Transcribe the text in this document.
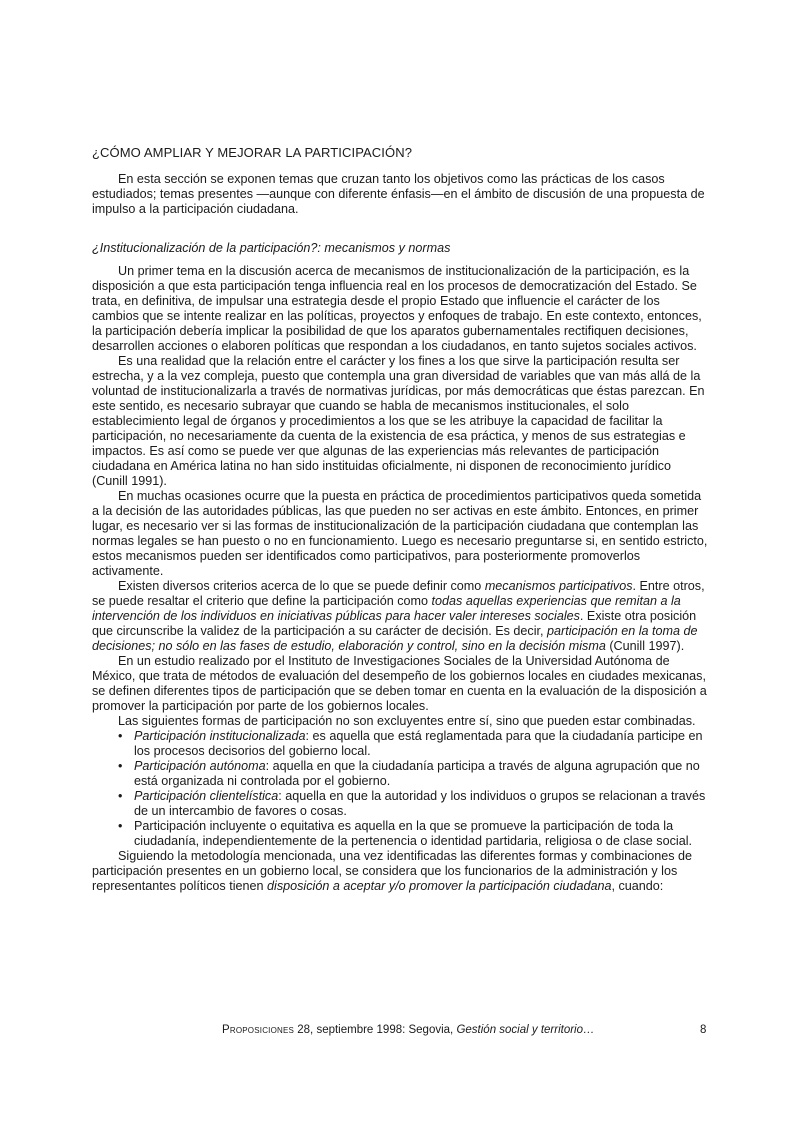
¿CÓMO AMPLIAR Y MEJORAR LA PARTICIPACIÓN?

En esta sección se exponen temas que cruzan tanto los objetivos como las prácticas de los casos estudiados; temas presentes —aunque con diferente énfasis—en el ámbito de discusión de una propuesta de impulso a la participación ciudadana.

¿Institucionalización de la participación?: mecanismos y normas

Un primer tema en la discusión acerca de mecanismos de institucionalización de la participación, es la disposición a que esta participación tenga influencia real en los procesos de democratización del Estado. Se trata, en definitiva, de impulsar una estrategia desde el propio Estado que influencie el carácter de los cambios que se intente realizar en las políticas, proyectos y enfoques de trabajo. En este contexto, entonces, la participación debería implicar la posibilidad de que los aparatos gubernamentales rectifiquen decisiones, desarrollen acciones o elaboren políticas que respondan a los ciudadanos, en tanto sujetos sociales activos.

Es una realidad que la relación entre el carácter y los fines a los que sirve la participación resulta ser estrecha, y a la vez compleja, puesto que contempla una gran diversidad de variables que van más allá de la voluntad de institucionalizarla a través de normativas jurídicas, por más democráticas que éstas parezcan. En este sentido, es necesario subrayar que cuando se habla de mecanismos institucionales, el solo establecimiento legal de órganos y procedimientos a los que se les atribuye la capacidad de facilitar la participación, no necesariamente da cuenta de la existencia de esa práctica, y menos de sus estrategias e impactos. Es así como se puede ver que algunas de las experiencias más relevantes de participación ciudadana en América latina no han sido instituidas oficialmente, ni disponen de reconocimiento jurídico (Cunill 1991).

En muchas ocasiones ocurre que la puesta en práctica de procedimientos participativos queda sometida a la decisión de las autoridades públicas, las que pueden no ser activas en este ámbito. Entonces, en primer lugar, es necesario ver si las formas de institucionalización de la participación ciudadana que contemplan las normas legales se han puesto o no en funcionamiento. Luego es necesario preguntarse si, en sentido estricto, estos mecanismos pueden ser identificados como participativos, para posteriormente promoverlos activamente.

Existen diversos criterios acerca de lo que se puede definir como mecanismos participativos. Entre otros, se puede resaltar el criterio que define la participación como todas aquellas experiencias que remitan a la intervención de los individuos en iniciativas públicas para hacer valer intereses sociales. Existe otra posición que circunscribe la validez de la participación a su carácter de decisión. Es decir, participación en la toma de decisiones; no sólo en las fases de estudio, elaboración y control, sino en la decisión misma (Cunill 1997).

En un estudio realizado por el Instituto de Investigaciones Sociales de la Universidad Autónoma de México, que trata de métodos de evaluación del desempeño de los gobiernos locales en ciudades mexicanas, se definen diferentes tipos de participación que se deben tomar en cuenta en la evaluación de la disposición a promover la participación por parte de los gobiernos locales.

Las siguientes formas de participación no son excluyentes entre sí, sino que pueden estar combinadas.

• Participación institucionalizada: es aquella que está reglamentada para que la ciudadanía participe en los procesos decisorios del gobierno local.
• Participación autónoma: aquella en que la ciudadanía participa a través de alguna agrupación que no está organizada ni controlada por el gobierno.
• Participación clientelística: aquella en que la autoridad y los individuos o grupos se relacionan a través de un intercambio de favores o cosas.
• Participación incluyente o equitativa es aquella en la que se promueve la participación de toda la ciudadanía, independientemente de la pertenencia o identidad partidaria, religiosa o de clase social.

Siguiendo la metodología mencionada, una vez identificadas las diferentes formas y combinaciones de participación presentes en un gobierno local, se considera que los funcionarios de la administración y los representantes políticos tienen disposición a aceptar y/o promover la participación ciudadana, cuando:

Proposiciones 28, septiembre 1998: Segovia, Gestión social y territorio…	8
